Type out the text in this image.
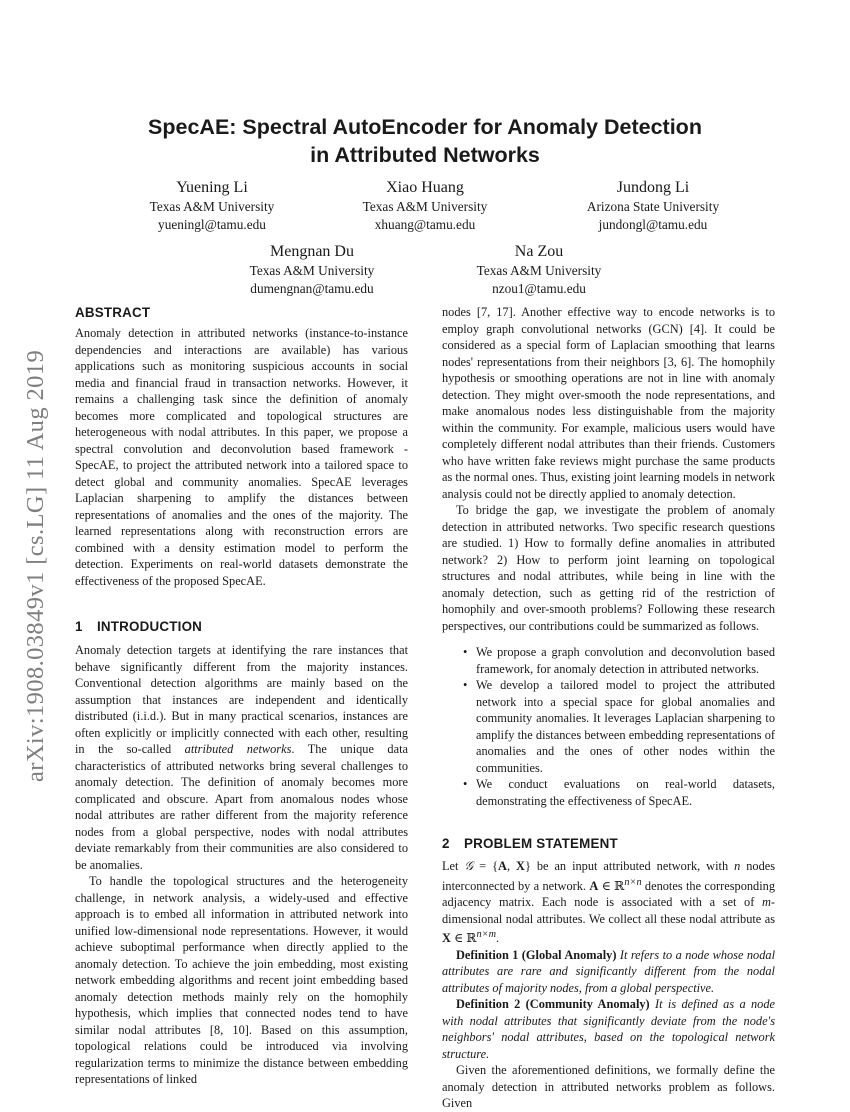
arXiv:1908.03849v1 [cs.LG] 11 Aug 2019
SpecAE: Spectral AutoEncoder for Anomaly Detection
in Attributed Networks
Yuening Li
Texas A&M University
yueningl@tamu.edu
Xiao Huang
Texas A&M University
xhuang@tamu.edu
Jundong Li
Arizona State University
jundongl@tamu.edu
Mengnan Du
Texas A&M University
dumengnan@tamu.edu
Na Zou
Texas A&M University
nzou1@tamu.edu
ABSTRACT

Anomaly detection in attributed networks (instance-to-instance dependencies and interactions are available) has various applications such as monitoring suspicious accounts in social media and financial fraud in transaction networks. However, it remains a challenging task since the definition of anomaly becomes more complicated and topological structures are heterogeneous with nodal attributes. In this paper, we propose a spectral convolution and deconvolution based framework - SpecAE, to project the attributed network into a tailored space to detect global and community anomalies. SpecAE leverages Laplacian sharpening to amplify the distances between representations of anomalies and the ones of the majority. The learned representations along with reconstruction errors are combined with a density estimation model to perform the detection. Experiments on real-world datasets demonstrate the effectiveness of the proposed SpecAE.

1 INTRODUCTION

Anomaly detection targets at identifying the rare instances that behave significantly different from the majority instances. Conventional detection algorithms are mainly based on the assumption that instances are independent and identically distributed (i.i.d.). But in many practical scenarios, instances are often explicitly or implicitly connected with each other, resulting in the so-called attributed networks. The unique data characteristics of attributed networks bring several challenges to anomaly detection. The definition of anomaly becomes more complicated and obscure. Apart from anomalous nodes whose nodal attributes are rather different from the majority reference nodes from a global perspective, nodes with nodal attributes deviate remarkably from their communities are also considered to be anomalies.

To handle the topological structures and the heterogeneity challenge, in network analysis, a widely-used and effective approach is to embed all information in attributed network into unified low-dimensional node representations. However, it would achieve suboptimal performance when directly applied to the anomaly detection. To achieve the join embedding, most existing network embedding algorithms and recent joint embedding based anomaly detection methods mainly rely on the homophily hypothesis, which implies that connected nodes tend to have similar nodal attributes [8, 10]. Based on this assumption, topological relations could be introduced via involving regularization terms to minimize the distance between embedding representations of linked

nodes [7, 17]. Another effective way to encode networks is to employ graph convolutional networks (GCN) [4]. It could be considered as a special form of Laplacian smoothing that learns nodes' representations from their neighbors [3, 6]. The homophily hypothesis or smoothing operations are not in line with anomaly detection. They might over-smooth the node representations, and make anomalous nodes less distinguishable from the majority within the community. For example, malicious users would have completely different nodal attributes than their friends. Customers who have written fake reviews might purchase the same products as the normal ones. Thus, existing joint learning models in network analysis could not be directly applied to anomaly detection.

To bridge the gap, we investigate the problem of anomaly detection in attributed networks. Two specific research questions are studied. 1) How to formally define anomalies in attributed network? 2) How to perform joint learning on topological structures and nodal attributes, while being in line with the anomaly detection, such as getting rid of the restriction of homophily and over-smooth problems? Following these research perspectives, our contributions could be summarized as follows.

• We propose a graph convolution and deconvolution based framework, for anomaly detection in attributed networks.
• We develop a tailored model to project the attributed network into a special space for global anomalies and community anomalies. It leverages Laplacian sharpening to amplify the distances between embedding representations of anomalies and the ones of other nodes within the communities.
• We conduct evaluations on real-world datasets, demonstrating the effectiveness of SpecAE.
2 PROBLEM STATEMENT

Let 𝒢 = {A, X} be an input attributed network, with n nodes interconnected by a network. A ∈ ℝ$^{n\times n}$ denotes the corresponding adjacency matrix. Each node is associated with a set of m-dimensional nodal attributes. We collect all these nodal attribute as X ∈ ℝ$^{n\times m}$.

Definition 1 (Global Anomaly) It refers to a node whose nodal attributes are rare and significantly different from the nodal attributes of majority nodes, from a global perspective.

Definition 2 (Community Anomaly) It is defined as a node with nodal attributes that significantly deviate from the node's neighbors' nodal attributes, based on the topological network structure.

Given the aforementioned definitions, we formally define the anomaly detection in attributed networks problem as follows. Given
